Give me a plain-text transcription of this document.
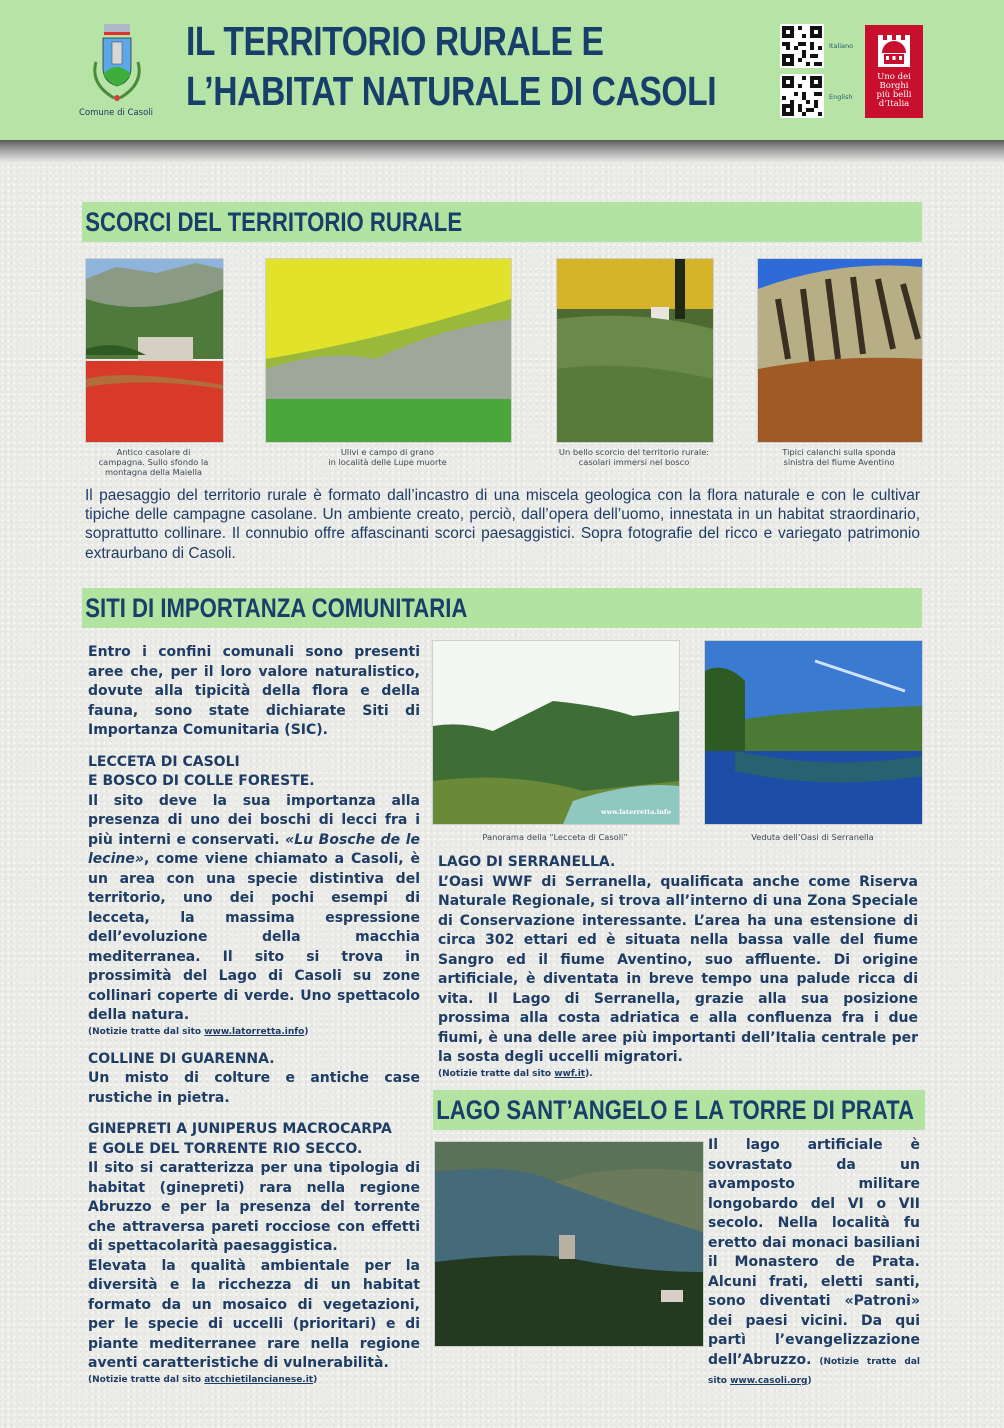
Comune di Casoli
IL TERRITORIO RURALE E
L’HABITAT NATURALE DI CASOLI
Italiano
English
Uno dei
Borghi
più belli
d’Italia
SCORCI DEL TERRITORIO RURALE
Antico casolare di
campagna. Sullo sfondo la
montagna della Maiella
Ulivi e campo di grano
in località delle Lupe muorte
Un bello scorcio del territorio rurale:
casolari immersi nel bosco
Tipici calanchi sulla sponda
sinistra del fiume Aventino
Il paesaggio del territorio rurale è formato dall’incastro di una miscela geologica con la flora naturale e con le cultivar tipiche delle campagne casolane. Un ambiente creato, perciò, dall’opera dell’uomo, innestata in un habitat straordinario, soprattutto collinare. Il connubio offre affascinanti scorci paesaggistici. Sopra fotografie del ricco e variegato patrimonio extraurbano di Casoli.
SITI DI IMPORTANZA COMUNITARIA

Entro i confini comunali sono presenti aree che, per il loro valore naturalistico, dovute alla tipicità della flora e della fauna, sono state dichiarate Siti di Importanza Comunitaria (SIC).

LECCETA DI CASOLI
E BOSCO DI COLLE FORESTE.

Il sito deve la sua importanza alla presenza di uno dei boschi di lecci fra i più interni e conservati. «Lu Bosche de le lecine», come viene chiamato a Casoli, è un area con una specie distintiva del territorio, uno dei pochi esempi di lecceta, la massima espressione dell’evoluzione della macchia mediterranea. Il sito si trova in prossimità del Lago di Casoli su zone collinari coperte di verde. Uno spettacolo della natura.

(Notizie tratte dal sito www.latorretta.info)

COLLINE DI GUARENNA.

Un misto di colture e antiche case rustiche in pietra.

GINEPRETI A JUNIPERUS MACROCARPA
E GOLE DEL TORRENTE RIO SECCO.

Il sito si caratterizza per una tipologia di habitat (ginepreti) rara nella regione Abruzzo e per la presenza del torrente che attraversa pareti rocciose con effetti di spettacolarità paesaggistica.

Elevata la qualità ambientale per la diversità e la ricchezza di un habitat formato da un mosaico di vegetazioni, per le specie di uccelli (prioritari) e di piante mediterranee rare nella regione aventi caratteristiche di vulnerabilità.

(Notizie tratte dal sito atcchietilancianese.it)
www.laterretta.info
Panorama della “Lecceta di Casoli”	Veduta dell’Oasi di Serranella

LAGO DI SERRANELLA.

L’Oasi WWF di Serranella, qualificata anche come Riserva Naturale Regionale, si trova all’interno di una Zona Speciale di Conservazione interessante. L’area ha una estensione di circa 302 ettari ed è situata nella bassa valle del fiume Sangro ed il fiume Aventino, suo affluente. Di origine artificiale, è diventata in breve tempo una palude ricca di vita. Il Lago di Serranella, grazie alla sua posizione prossima alla costa adriatica e alla confluenza fra i due fiumi, è una delle aree più importanti dell’Italia centrale per la sosta degli uccelli migratori.

(Notizie tratte dal sito wwf.it).
LAGO SANT’ANGELO E LA TORRE DI PRATA
Il lago artificiale è sovrastato da un avamposto militare longobardo del VI o VII secolo. Nella località fu eretto dai monaci basiliani il Monastero de Prata. Alcuni frati, eletti santi, sono diventati «Patroni» dei paesi vicini. Da qui partì l’evangelizzazione dell’Abruzzo. (Notizie tratte dal sito www.casoli.org)
